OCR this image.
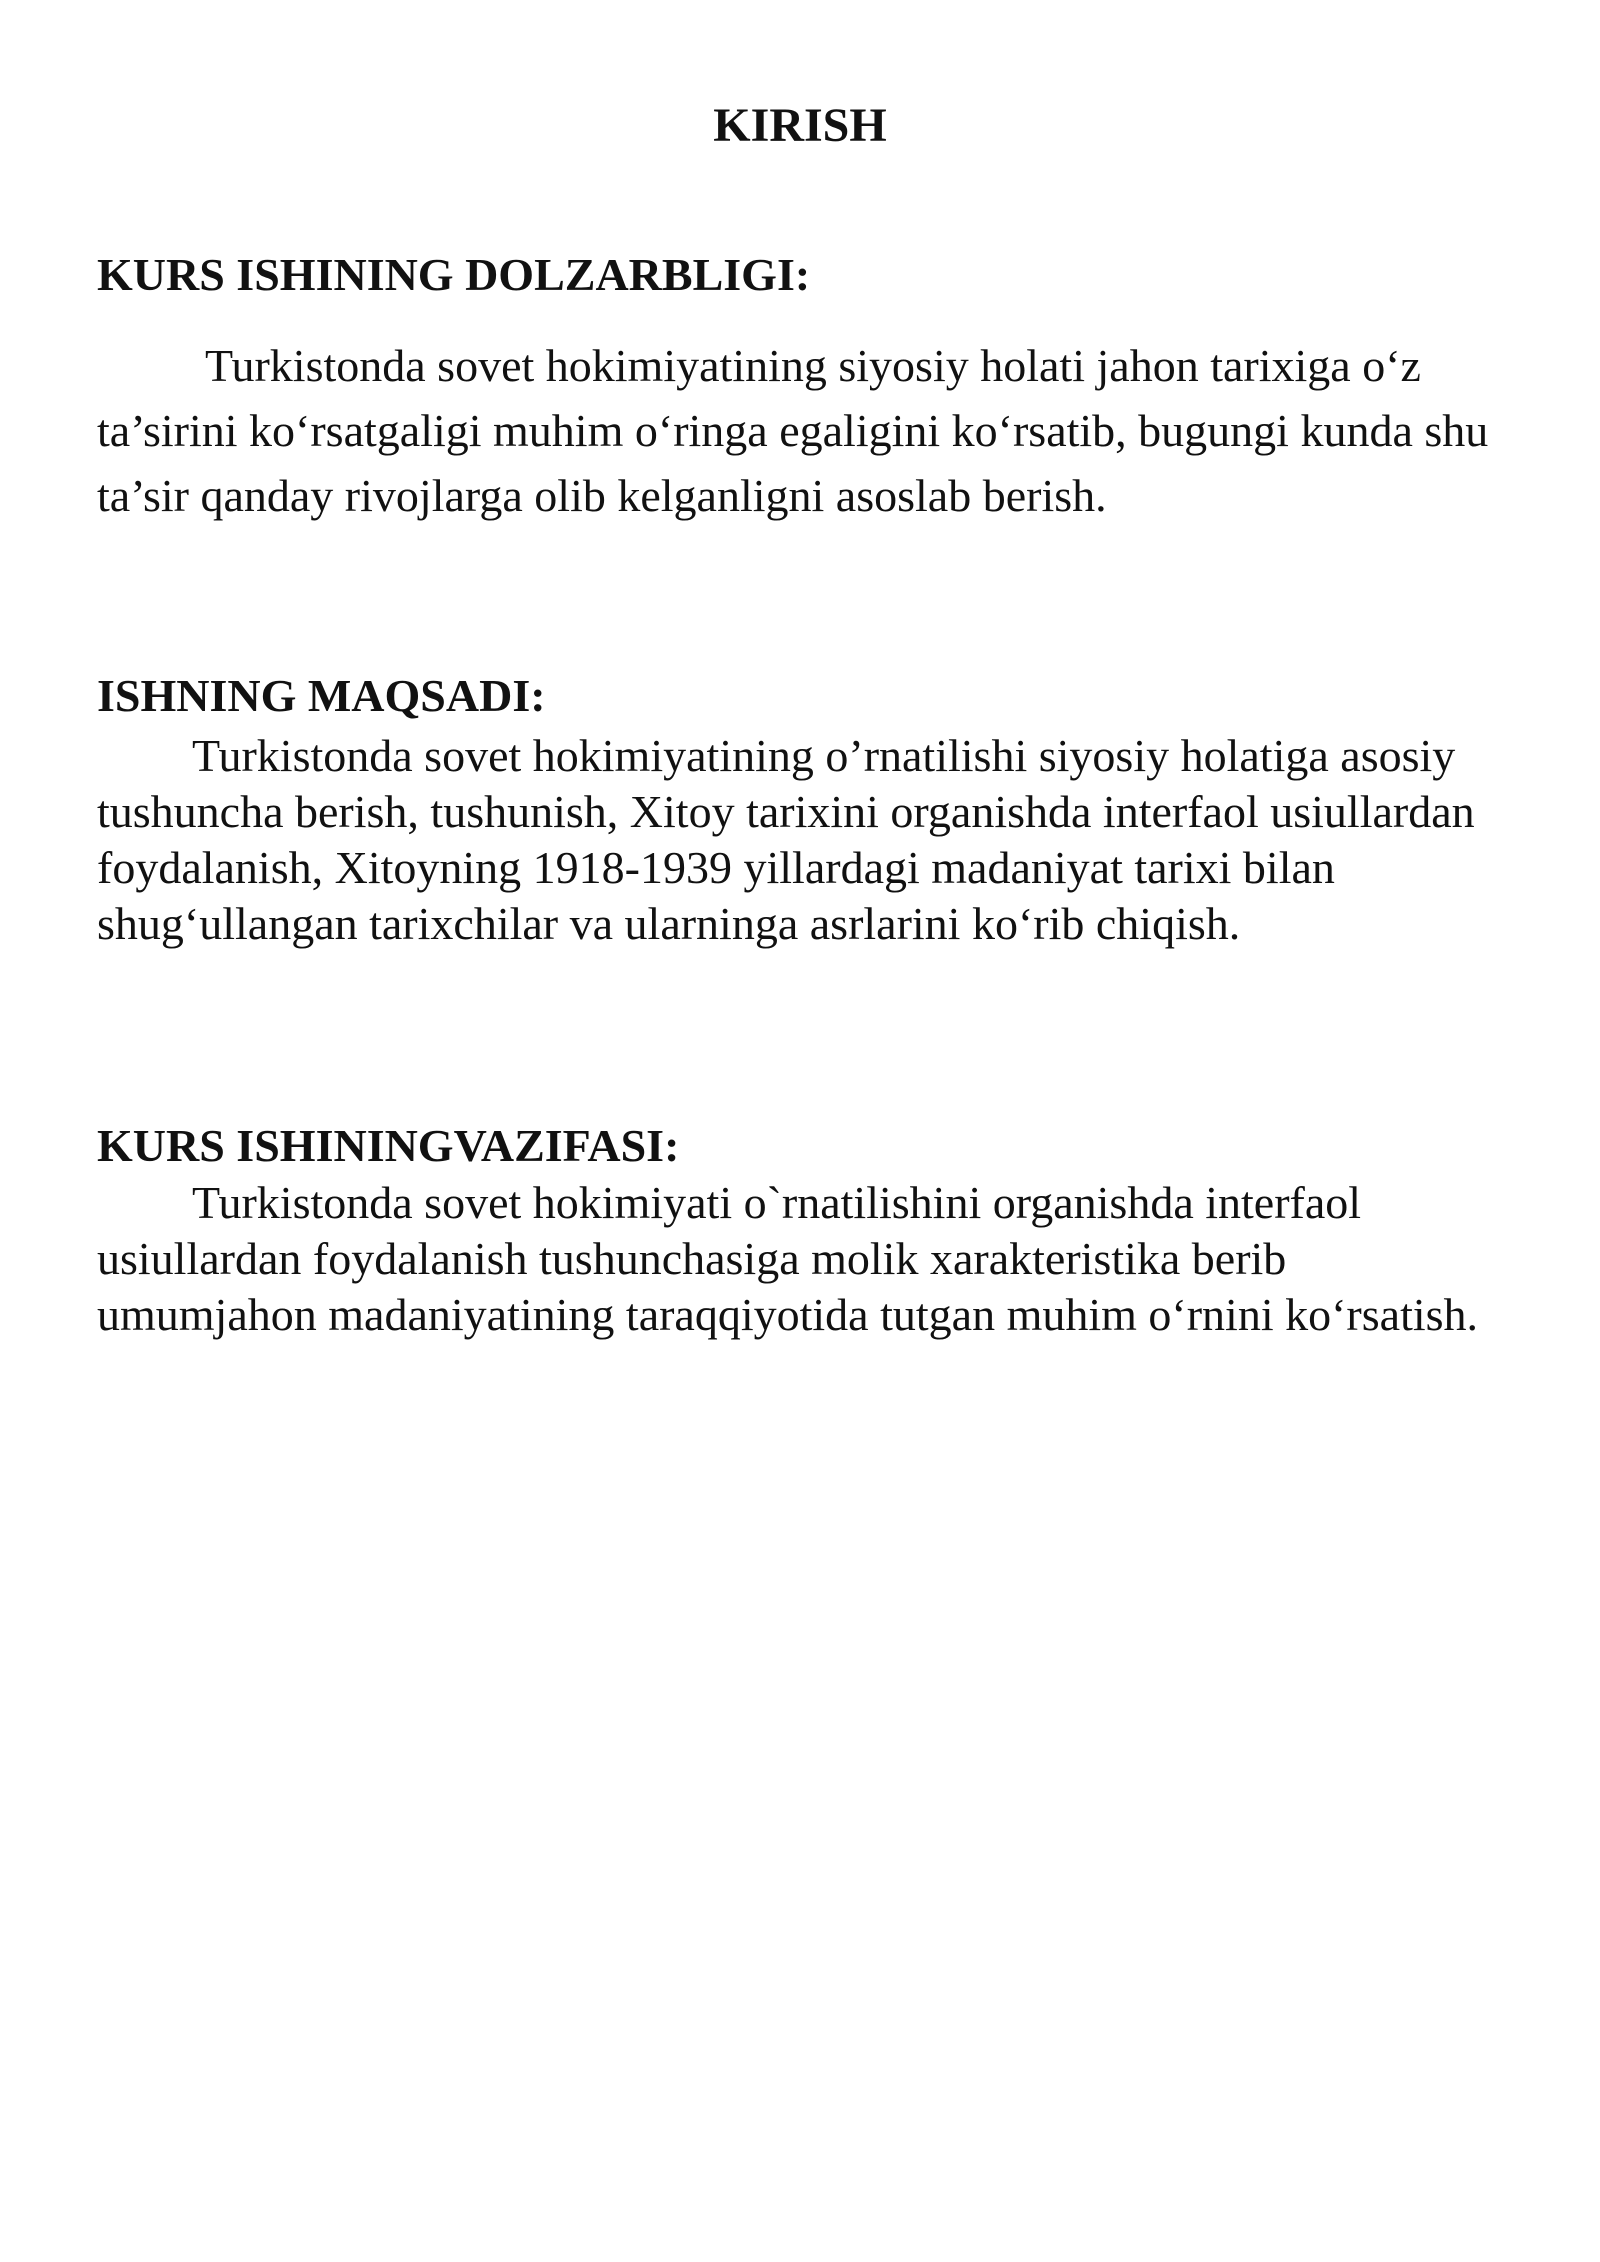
KIRISH
KURS ISHINING DOLZARBLIGI:

Turkistonda sovet hokimiyatining siyosiy holati jahon tarixiga o‘z ta’sirini ko‘rsatgaligi muhim o‘ringa egaligini ko‘rsatib, bugungi kunda shu ta’sir qanday rivojlarga olib kelganligni asoslab berish.

ISHNING MAQSADI:

Turkistonda sovet hokimiyatining o’rnatilishi siyosiy holatiga asosiy tushuncha berish, tushunish, Xitoy tarixini organishda interfaol usiullardan foydalanish, Xitoyning 1918-1939 yillardagi madaniyat tarixi bilan shug‘ullangan tarixchilar va ularninga asrlarini ko‘rib chiqish.

KURS ISHININGVAZIFASI:

Turkistonda sovet hokimiyati o`rnatilishini organishda interfaol usiullardan foydalanish tushunchasiga molik xarakteristika berib umumjahon madaniyatining taraqqiyotida tutgan muhim o‘rnini ko‘rsatish.
